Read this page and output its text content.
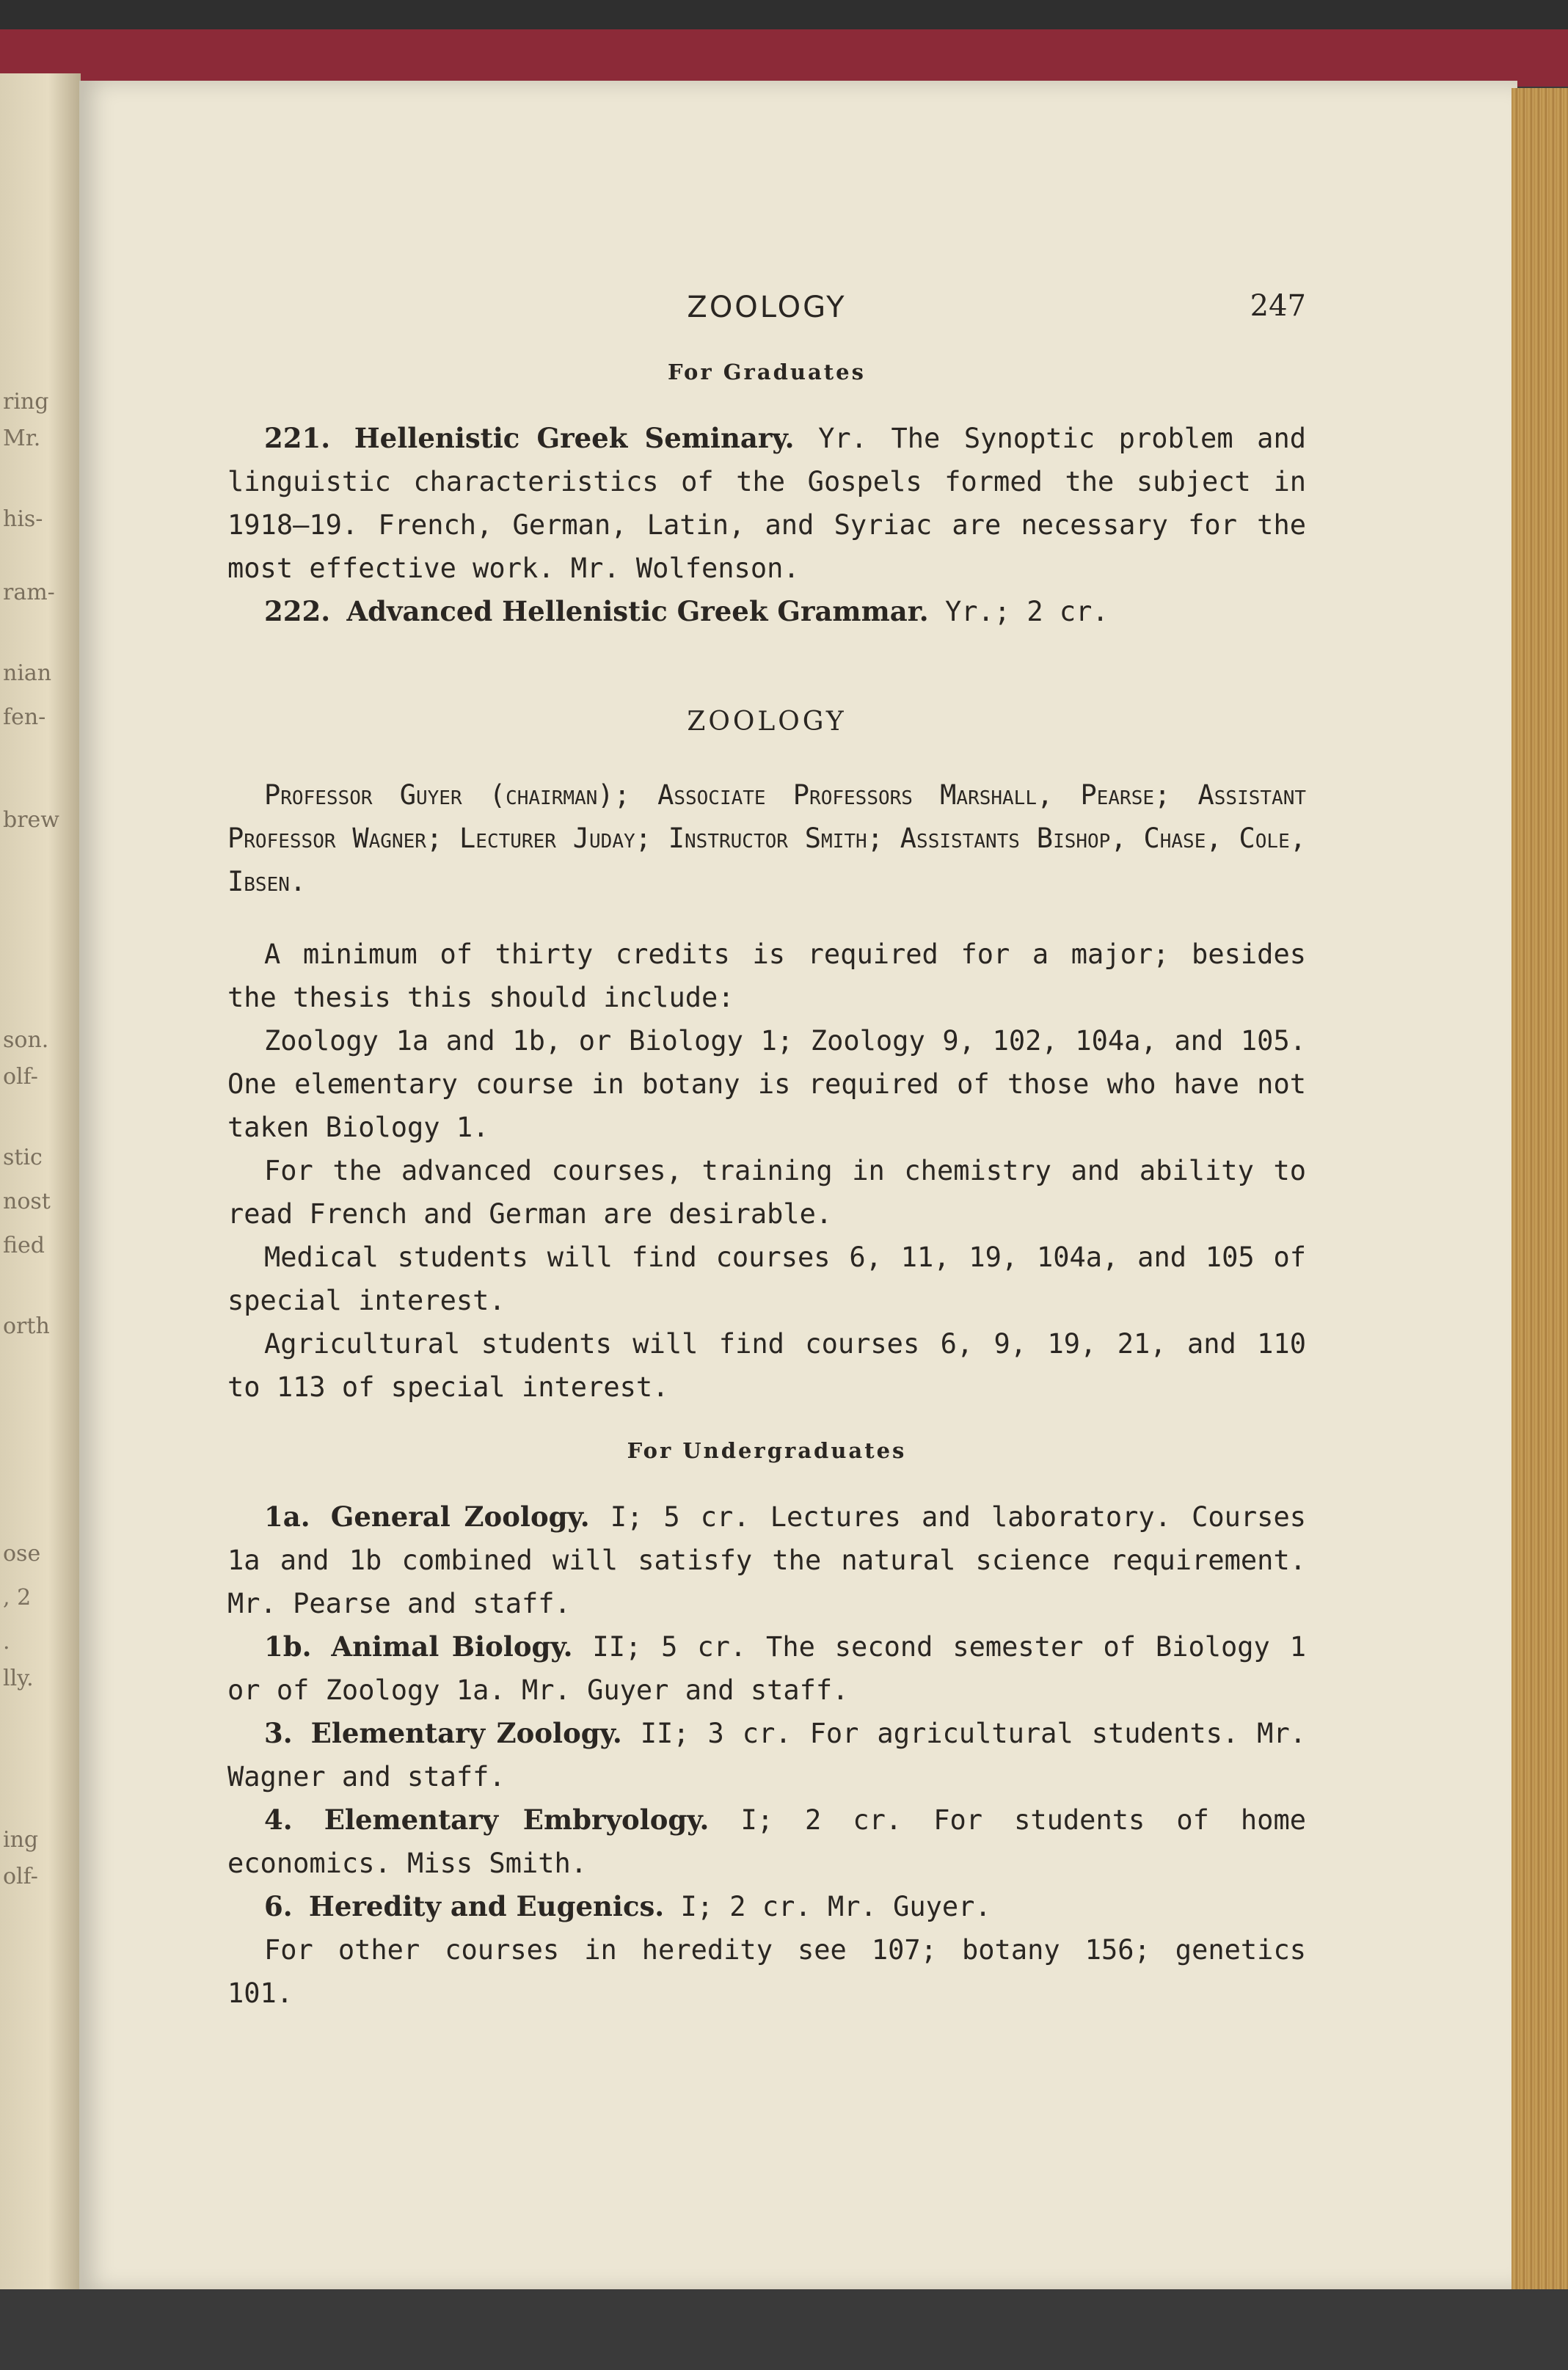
ring
Mr.
his-
ram-
nian
fen-
brew
son.
olf-
stic
nost
fied
orth
ose
, 2
.
lly.
ing
olf-
ZOOLOGY	247
For Graduates

221. Hellenistic Greek Seminary. Yr. The Synoptic problem and linguistic characteristics of the Gospels formed the subject in 1918–19. French, German, Latin, and Syriac are necessary for the most effective work. Mr. Wolfenson.

222. Advanced Hellenistic Greek Grammar. Yr.; 2 cr.

ZOOLOGY

Professor Guyer (chairman); Associate Professors Marshall, Pearse; Assistant Professor Wagner; Lecturer Juday; Instructor Smith; Assistants Bishop, Chase, Cole, Ibsen.

A minimum of thirty credits is required for a major; besides the thesis this should include:

Zoology 1a and 1b, or Biology 1; Zoology 9, 102, 104a, and 105. One elementary course in botany is required of those who have not taken Biology 1.

For the advanced courses, training in chemistry and ability to read French and German are desirable.

Medical students will find courses 6, 11, 19, 104a, and 105 of special interest.

Agricultural students will find courses 6, 9, 19, 21, and 110 to 113 of special interest.

For Undergraduates

1a. General Zoology. I; 5 cr. Lectures and laboratory. Courses 1a and 1b combined will satisfy the natural science requirement. Mr. Pearse and staff.

1b. Animal Biology. II; 5 cr. The second semester of Biology 1 or of Zoology 1a. Mr. Guyer and staff.

3. Elementary Zoology. II; 3 cr. For agricultural students. Mr. Wagner and staff.

4. Elementary Embryology. I; 2 cr. For students of home economics. Miss Smith.

6. Heredity and Eugenics. I; 2 cr. Mr. Guyer.

For other courses in heredity see 107; botany 156; genetics 101.
